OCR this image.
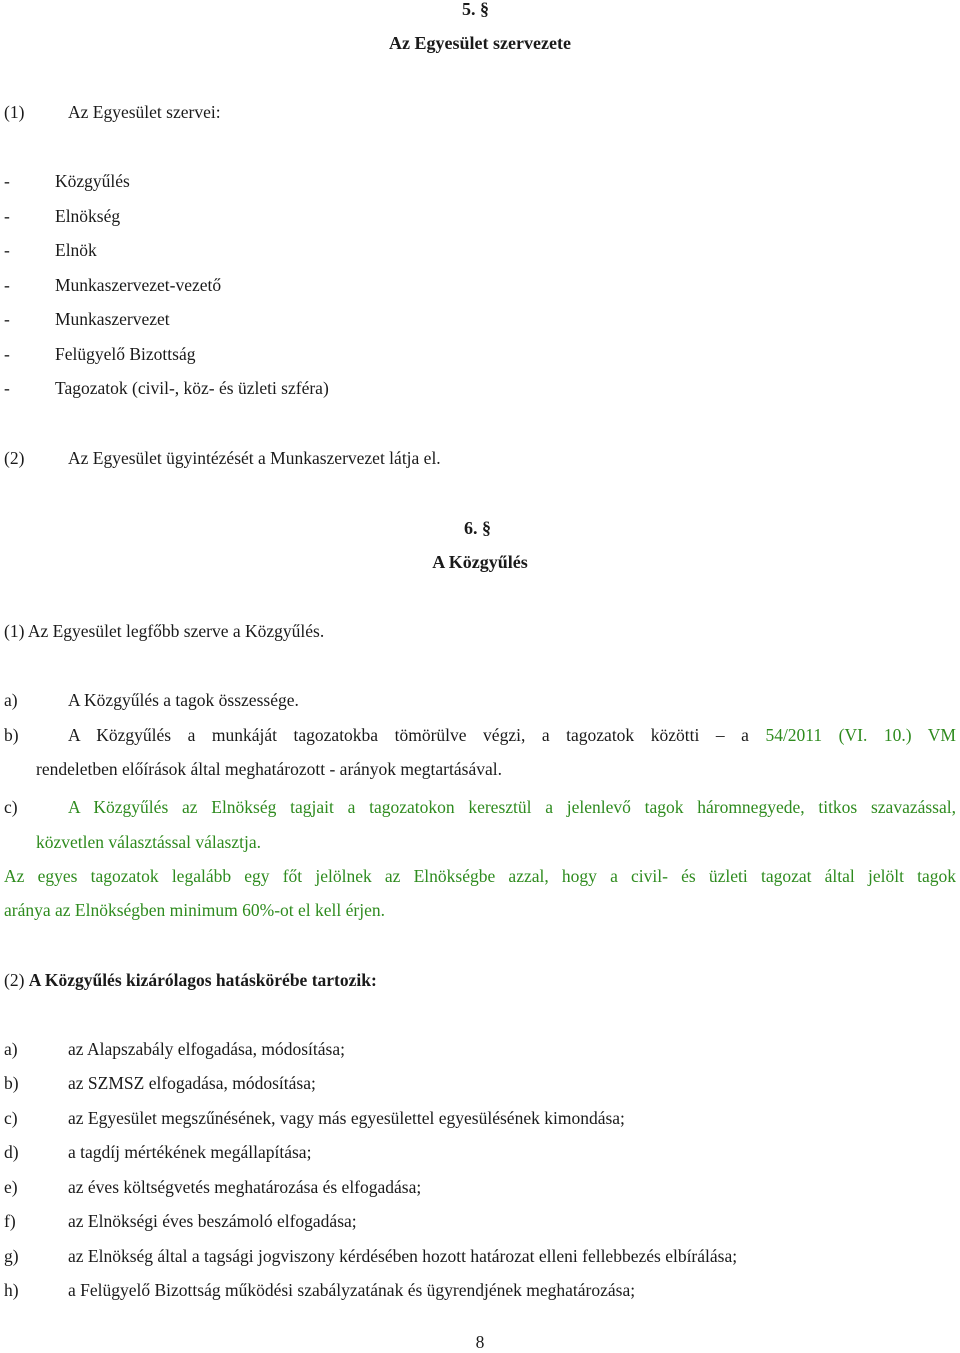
5. §
Az Egyesület szervezete
(1) Az Egyesület szervei:
-	Közgyűlés
-	Elnökség
-	Elnök
-	Munkaszervezet-vezető
-	Munkaszervezet
-	Felügyelő Bizottság
-	Tagozatok (civil-, köz- és üzleti szféra)
(2) Az Egyesület ügyintézését a Munkaszervezet látja el.
6. §
A Közgyűlés
(1) Az Egyesület legfőbb szerve a Közgyűlés.
a)	A Közgyűlés a tagok összessége.
b)	A Közgyűlés a munkáját tagozatokba tömörülve végzi, a tagozatok közötti – a 54/2011 (VI. 10.) VM
rendeletben előírások által meghatározott - arányok megtartásával.
c)	A Közgyűlés az Elnökség tagjait a tagozatokon keresztül a jelenlevő tagok háromnegyede, titkos szavazással,
közvetlen választással választja.
Az egyes tagozatok legalább egy főt jelölnek az Elnökségbe azzal, hogy a civil- és üzleti tagozat által jelölt tagok
aránya az Elnökségben minimum 60%-ot el kell érjen.
(2) A Közgyűlés kizárólagos hatáskörébe tartozik:
a)	az Alapszabály elfogadása, módosítása;
b)	az SZMSZ elfogadása, módosítása;
c)	az Egyesület megszűnésének, vagy más egyesülettel egyesülésének kimondása;
d)	a tagdíj mértékének megállapítása;
e)	az éves költségvetés meghatározása és elfogadása;
f)	az Elnökségi éves beszámoló elfogadása;
g)	az Elnökség által a tagsági jogviszony kérdésében hozott határozat elleni fellebbezés elbírálása;
h)	a Felügyelő Bizottság működési szabályzatának és ügyrendjének meghatározása;
8
